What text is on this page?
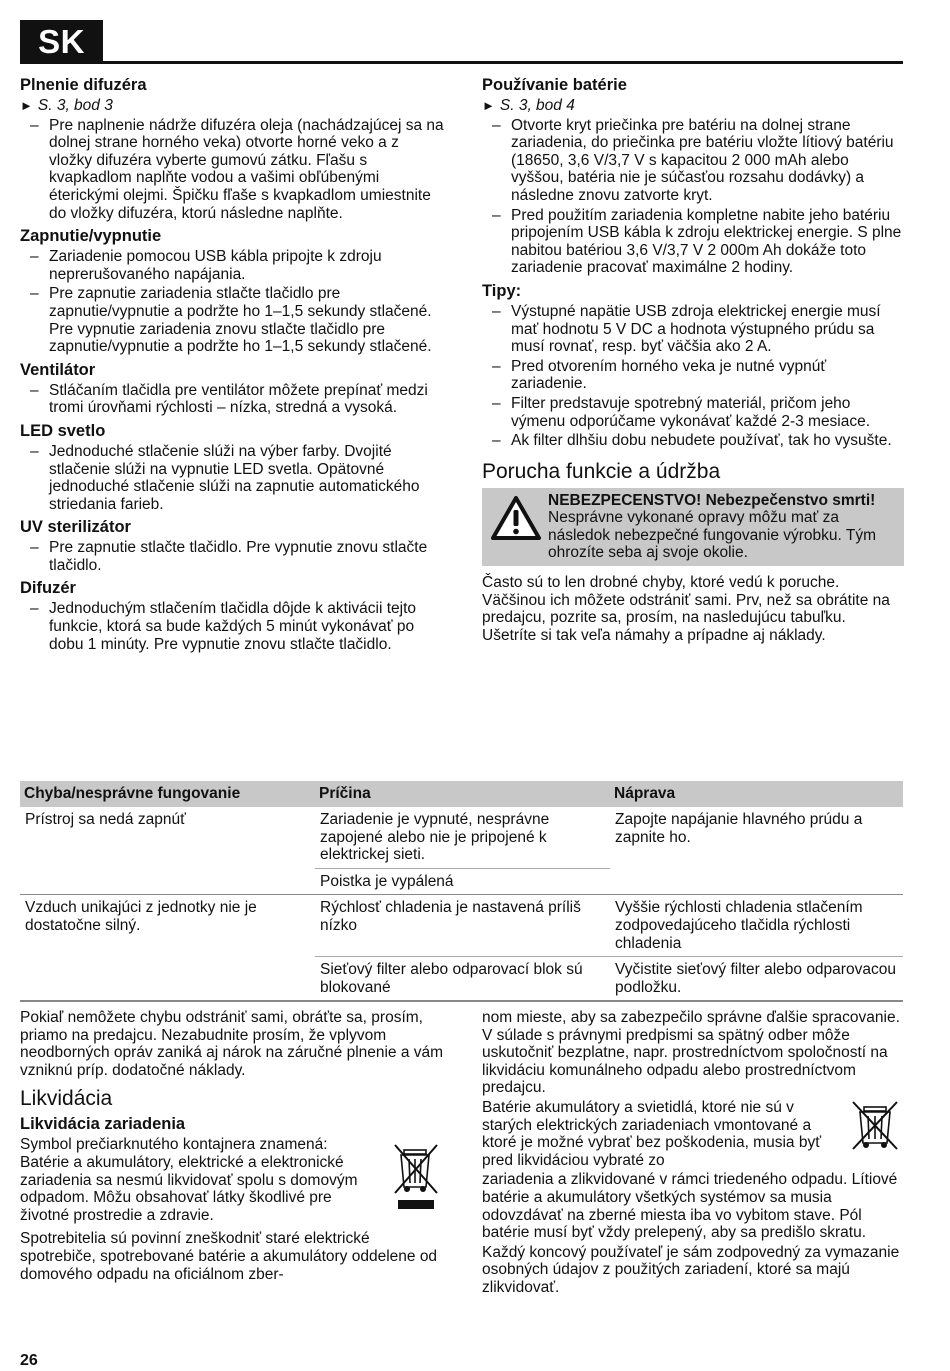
SK
Plnenie difuzéra
► S. 3, bod 3
– Pre naplnenie nádrže difuzéra oleja (nachádzajúcej sa na dolnej strane horného veka) otvorte horné veko a z vložky difuzéra vyberte gumovú zátku. Fľašu s kvapkadlom naplňte vodou a vašimi obľúbenými éterickými olejmi. Špičku fľaše s kvapkadlom umiestnite do vložky difuzéra, ktorú následne naplňte.
Zapnutie/vypnutie
– Zariadenie pomocou USB kábla pripojte k zdroju neprerušovaného napájania.
– Pre zapnutie zariadenia stlačte tlačidlo pre zapnutie/vypnutie a podržte ho 1–1,5 sekundy stlačené. Pre vypnutie zariadenia znovu stlačte tlačidlo pre zapnutie/vypnutie a podržte ho 1–1,5 sekundy stlačené.
Ventilátor
– Stláčaním tlačidla pre ventilátor môžete prepínať medzi tromi úrovňami rýchlosti – nízka, stredná a vysoká.
LED svetlo
– Jednoduché stlačenie slúži na výber farby. Dvojité stlačenie slúži na vypnutie LED svetla. Opätovné jednoduché stlačenie slúži na zapnutie automatického striedania farieb.
UV sterilizátor
– Pre zapnutie stlačte tlačidlo. Pre vypnutie znovu stlačte tlačidlo.
Difuzér
– Jednoduchým stlačením tlačidla dôjde k aktivácii tejto funkcie, ktorá sa bude každých 5 minút vykonávať po dobu 1 minúty. Pre vypnutie znovu stlačte tlačidlo.
Používanie batérie
► S. 3, bod 4
– Otvorte kryt priečinka pre batériu na dolnej strane zariadenia, do priečinka pre batériu vložte lítiový batériu (18650, 3,6 V/3,7 V s kapacitou 2 000 mAh alebo vyššou, batéria nie je súčasťou rozsahu dodávky) a následne znovu zatvorte kryt.
– Pred použitím zariadenia kompletne nabite jeho batériu pripojením USB kábla k zdroju elektrickej energie. S plne nabitou batériou 3,6 V/3,7 V 2 000m Ah dokáže toto zariadenie pracovať maximálne 2 hodiny.
Tipy:
– Výstupné napätie USB zdroja elektrickej energie musí mať hodnotu 5 V DC a hodnota výstupného prúdu sa musí rovnať, resp. byť väčšia ako 2 A.
– Pred otvorením horného veka je nutné vypnúť zariadenie.
– Filter predstavuje spotrebný materiál, pričom jeho výmenu odporúčame vykonávať každé 2-3 mesiace.
– Ak filter dlhšiu dobu nebudete používať, tak ho vysušte.
Porucha funkcie a údržba
NEBEZPECENSTVO! Nebezpečenstvo smrti! Nesprávne vykonané opravy môžu mať za následok nebezpečné fungovanie výrobku. Tým ohrozíte seba aj svoje okolie.

Často sú to len drobné chyby, ktoré vedú k poruche. Väčšinou ich môžete odstrániť sami. Prv, než sa obrátite na predajcu, pozrite sa, prosím, na nasledujúcu tabuľku. Ušetríte si tak veľa námahy a prípadne aj náklady.

Chyba/nesprávne fungovanie	Príčina	Náprava
Prístroj sa nedá zapnúť	Zariadenie je vypnuté, nesprávne zapojené alebo nie je pripojené k elektrickej sieti.	Zapojte napájanie hlavného prúdu a zapnite ho.
	Poistka je vypálená	
Vzduch unikajúci z jednotky nie je dostatočne silný.	Rýchlosť chladenia je nastavená príliš nízko	Vyššie rýchlosti chladenia stlačením zodpovedajúceho tlačidla rýchlosti chladenia
	Sieťový filter alebo odparovací blok sú blokované	Vyčistite sieťový filter alebo odparovacou podložku.

Pokiaľ nemôžete chybu odstrániť sami, obráťte sa, prosím, priamo na predajcu. Nezabudnite prosím, že vplyvom neodborných opráv zaniká aj nárok na záručné plnenie a vám vzniknú príp. dodatočné náklady.

Likvidácia
Likvidácia zariadenia

Symbol prečiarknutého kontajnera znamená: Batérie a akumulátory, elektrické a elektronické zariadenia sa nesmú likvidovať spolu s domovým odpadom. Môžu obsahovať látky škodlivé pre životné prostredie a zdravie.

Spotrebitelia sú povinní zneškodniť staré elektrické spotrebiče, spotrebované batérie a akumulátory oddelene od domového odpadu na oficiálnom zber-

nom mieste, aby sa zabezpečilo správne ďalšie spracovanie. V súlade s právnymi predpismi sa spätný odber môže uskutočniť bezplatne, napr. prostredníctvom spoločností na likvidáciu komunálneho odpadu alebo prostredníctvom predajcu.

Batérie akumulátory a svietidlá, ktoré nie sú v starých elektrických zariadeniach vmontované a ktoré je možné vybrať bez poškodenia, musia byť pred likvidáciou vybraté zo

zariadenia a zlikvidované v rámci triedeného odpadu. Lítiové batérie a akumulátory všetkých systémov sa musia odovzdávať na zberné miesta iba vo vybitom stave. Pól batérie musí byť vždy prelepený, aby sa predišlo skratu.

Každý koncový používateľ je sám zodpovedný za vymazanie osobných údajov z použitých zariadení, ktoré sa majú zlikvidovať.

26
